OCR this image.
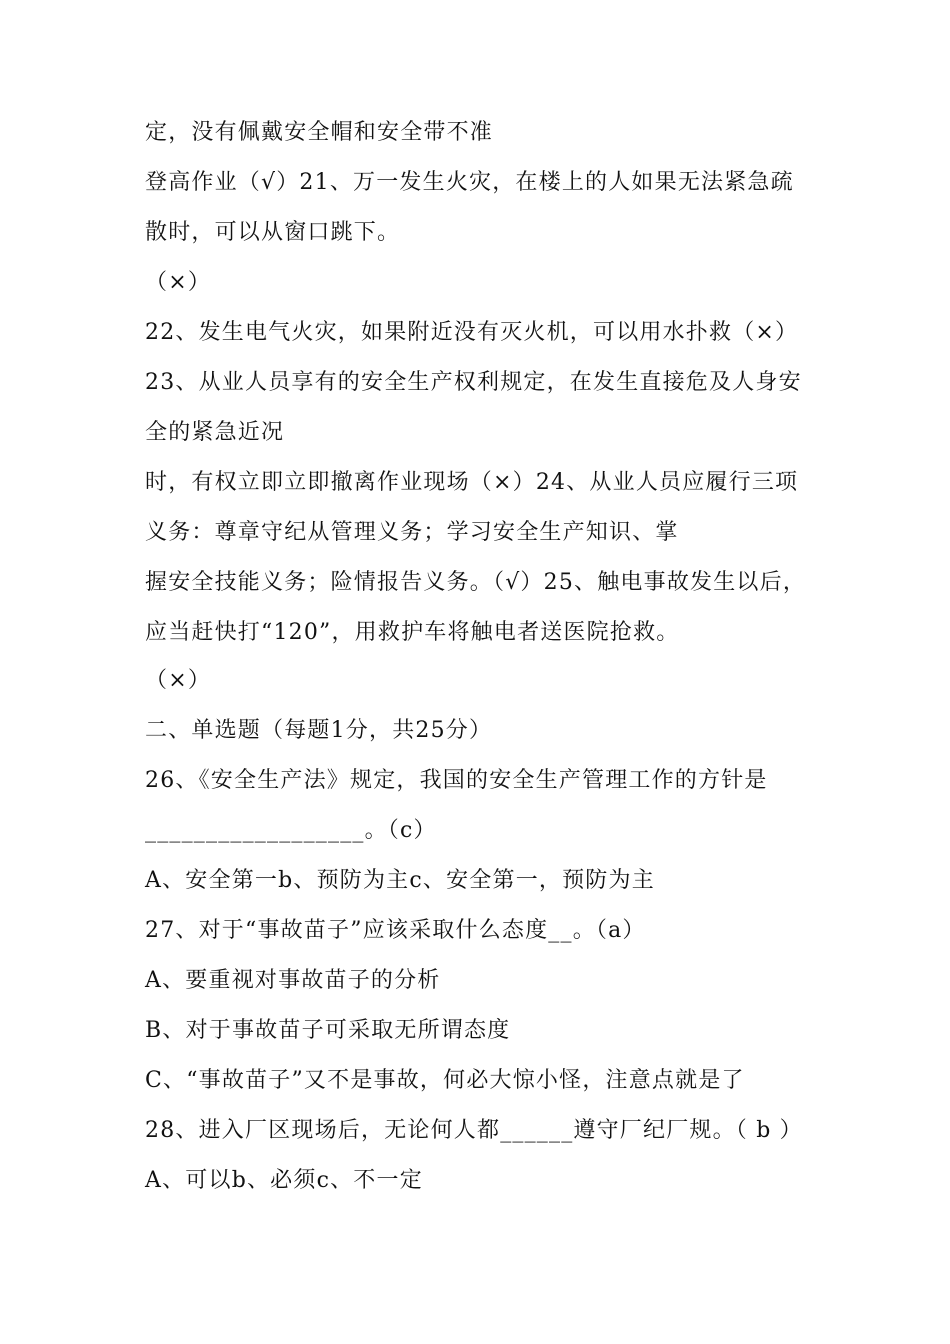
定，没有佩戴安全帽和安全带不准
登高作业（√）21、万一发生火灾，在楼上的人如果无法紧急疏
散时，可以从窗口跳下。
（×）
22、发生电气火灾，如果附近没有灭火机，可以用水扑救（×）
23、从业人员享有的安全生产权利规定，在发生直接危及人身安
全的紧急近况
时，有权立即立即撤离作业现场（×）24、从业人员应履行三项
义务：尊章守纪从管理义务；学习安全生产知识、掌
握安全技能义务；险情报告义务。（√）25、触电事故发生以后，
应当赶快打“120”，用救护车将触电者送医院抢救。
（×）
二、单选题（每题1分，共25分）
26、《安全生产法》规定，我国的安全生产管理工作的方针是
__________________。（c）
A、安全第一b、预防为主c、安全第一，预防为主
27、对于“事故苗子”应该采取什么态度__。（a）
A、要重视对事故苗子的分析
B、对于事故苗子可采取无所谓态度
C、“事故苗子”又不是事故，何必大惊小怪，注意点就是了
28、进入厂区现场后，无论何人都______遵守厂纪厂规。（ b ）
A、可以b、必须c、不一定
